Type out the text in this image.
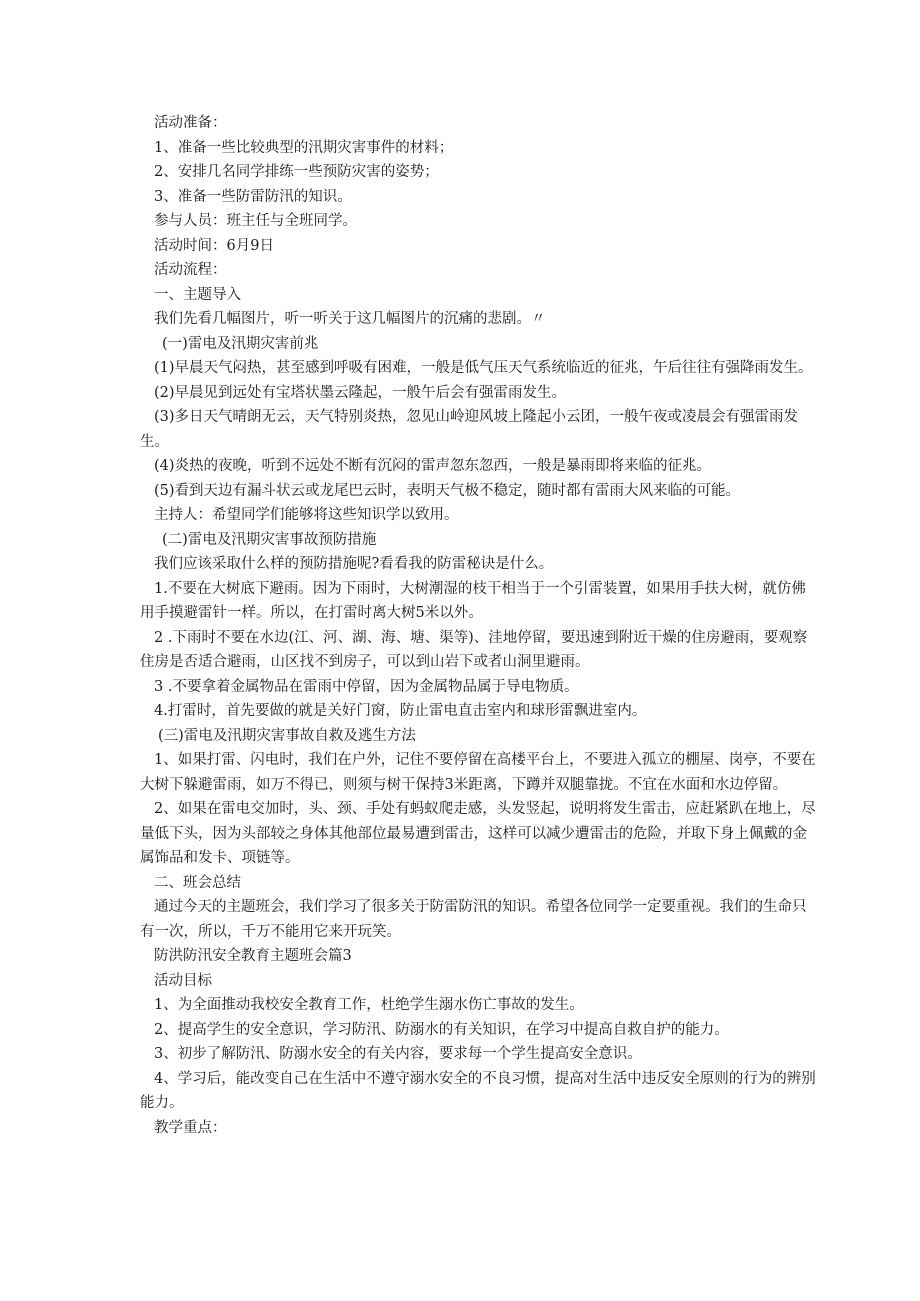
活动准备：

1、准备一些比较典型的汛期灾害事件的材料；

2、安排几名同学排练一些预防灾害的姿势；

3、准备一些防雷防汛的知识。

参与人员：班主任与全班同学。

活动时间：6月9日

活动流程：

一、主题导入

我们先看几幅图片，听一听关于这几幅图片的沉痛的悲剧。〃

(一)雷电及汛期灾害前兆

(1)早晨天气闷热，甚至感到呼吸有困难，一般是低气压天气系统临近的征兆，午后往往有强降雨发生。

(2)早晨见到远处有宝塔状墨云隆起，一般午后会有强雷雨发生。

(3)多日天气晴朗无云，天气特别炎热，忽见山岭迎风坡上隆起小云团，一般午夜或凌晨会有强雷雨发生。

(4)炎热的夜晚，听到不远处不断有沉闷的雷声忽东忽西，一般是暴雨即将来临的征兆。

(5)看到天边有漏斗状云或龙尾巴云时，表明天气极不稳定，随时都有雷雨大风来临的可能。

主持人：希望同学们能够将这些知识学以致用。

(二)雷电及汛期灾害事故预防措施

我们应该采取什么样的预防措施呢?看看我的防雷秘诀是什么。

1.不要在大树底下避雨。因为下雨时，大树潮湿的枝干相当于一个引雷装置，如果用手扶大树，就仿佛用手摸避雷针一样。所以，在打雷时离大树5米以外。

2 .下雨时不要在水边(江、河、湖、海、塘、渠等)、洼地停留，要迅速到附近干燥的住房避雨，要观察住房是否适合避雨，山区找不到房子，可以到山岩下或者山洞里避雨。

3 .不要拿着金属物品在雷雨中停留，因为金属物品属于导电物质。

4.打雷时，首先要做的就是关好门窗，防止雷电直击室内和球形雷飘进室内。

(三)雷电及汛期灾害事故自救及逃生方法

1、如果打雷、闪电时，我们在户外，记住不要停留在高楼平台上，不要进入孤立的棚屋、岗亭，不要在大树下躲避雷雨，如万不得已，则须与树干保持3米距离，下蹲并双腿靠拢。不宜在水面和水边停留。

2、如果在雷电交加时，头、颈、手处有蚂蚁爬走感，头发竖起，说明将发生雷击，应赶紧趴在地上，尽量低下头，因为头部较之身体其他部位最易遭到雷击，这样可以减少遭雷击的危险，并取下身上佩戴的金属饰品和发卡、项链等。

二、班会总结

通过今天的主题班会，我们学习了很多关于防雷防汛的知识。希望各位同学一定要重视。我们的生命只有一次，所以，千万不能用它来开玩笑。

防洪防汛安全教育主题班会篇3

活动目标

1、为全面推动我校安全教育工作，杜绝学生溺水伤亡事故的发生。

2、提高学生的安全意识，学习防汛、防溺水的有关知识，在学习中提高自救自护的能力。

3、初步了解防汛、防溺水安全的有关内容，要求每一个学生提高安全意识。

4、学习后，能改变自己在生活中不遵守溺水安全的不良习惯，提高对生活中违反安全原则的行为的辨别能力。

教学重点：
